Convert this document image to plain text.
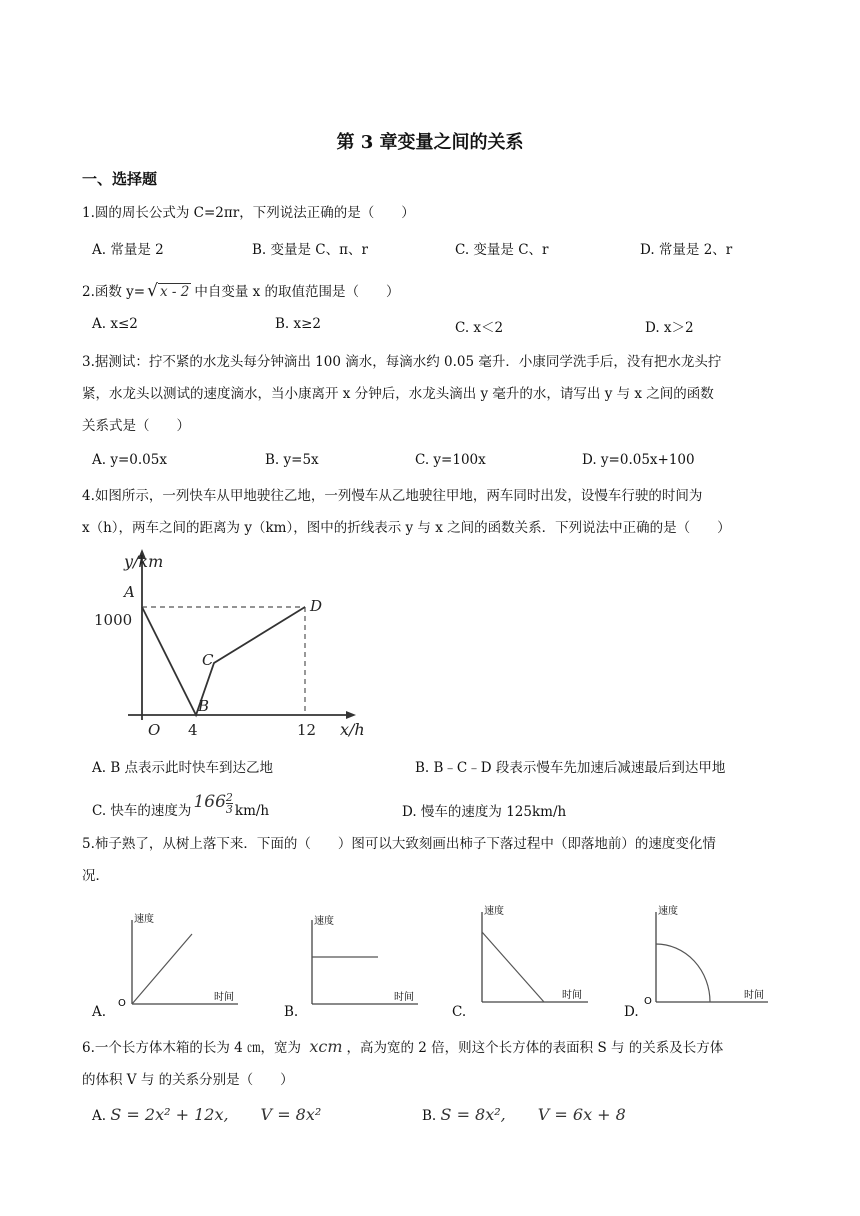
第 3 章变量之间的关系
一、选择题
1.圆的周长公式为 C=2πr，下列说法正确的是（　　）
A. 常量是 2	B. 变量是 C、π、r	C. 变量是 C、r	D. 常量是 2、r
2.函数 y= √ x - 2 中自变量 x 的取值范围是（　　）
A. x≤2	B. x≥2	C. x＜2	D. x＞2
3.据测试：拧不紧的水龙头每分钟滴出 100 滴水，每滴水约 0.05 毫升．小康同学洗手后，没有把水龙头拧
紧，水龙头以测试的速度滴水，当小康离开 x 分钟后，水龙头滴出 y 毫升的水，请写出 y 与 x 之间的函数
关系式是（　　）
A. y=0.05x	B. y=5x	C. y=100x	D. y=0.05x+100
4.如图所示，一列快车从甲地驶往乙地，一列慢车从乙地驶往甲地，两车同时出发，设慢车行驶的时间为
x（h），两车之间的距离为 y（km），图中的折线表示 y 与 x 之间的函数关系．下列说法中正确的是（　　）
y/km
x/h
A
1000
B
C
D
O 4	12
A. B 点表示此时快车到达乙地	B. B﹣C﹣D 段表示慢车先加速后减速最后到达甲地
C. 快车的速度为 $166 \frac{2}{3} km/h$	D. 慢车的速度为 125km/h
5.柿子熟了，从树上落下来．下面的（　　）图可以大致刻画出柿子下落过程中（即落地前）的速度变化情
况．
速度
时间
O
A.
速度
时间
B.
速度
时间
C.
速度
时间
O
D.
6.一个长方体木箱的长为 4 ㎝，宽为 xcm ，高为宽的 2 倍，则这个长方体的表面积 S 与 的关系及长方体
的体积 V 与 的关系分别是（　　）
A. S = 2x² + 12x,　　V = 8x²	B. S = 8x²,　　V = 6x + 8
